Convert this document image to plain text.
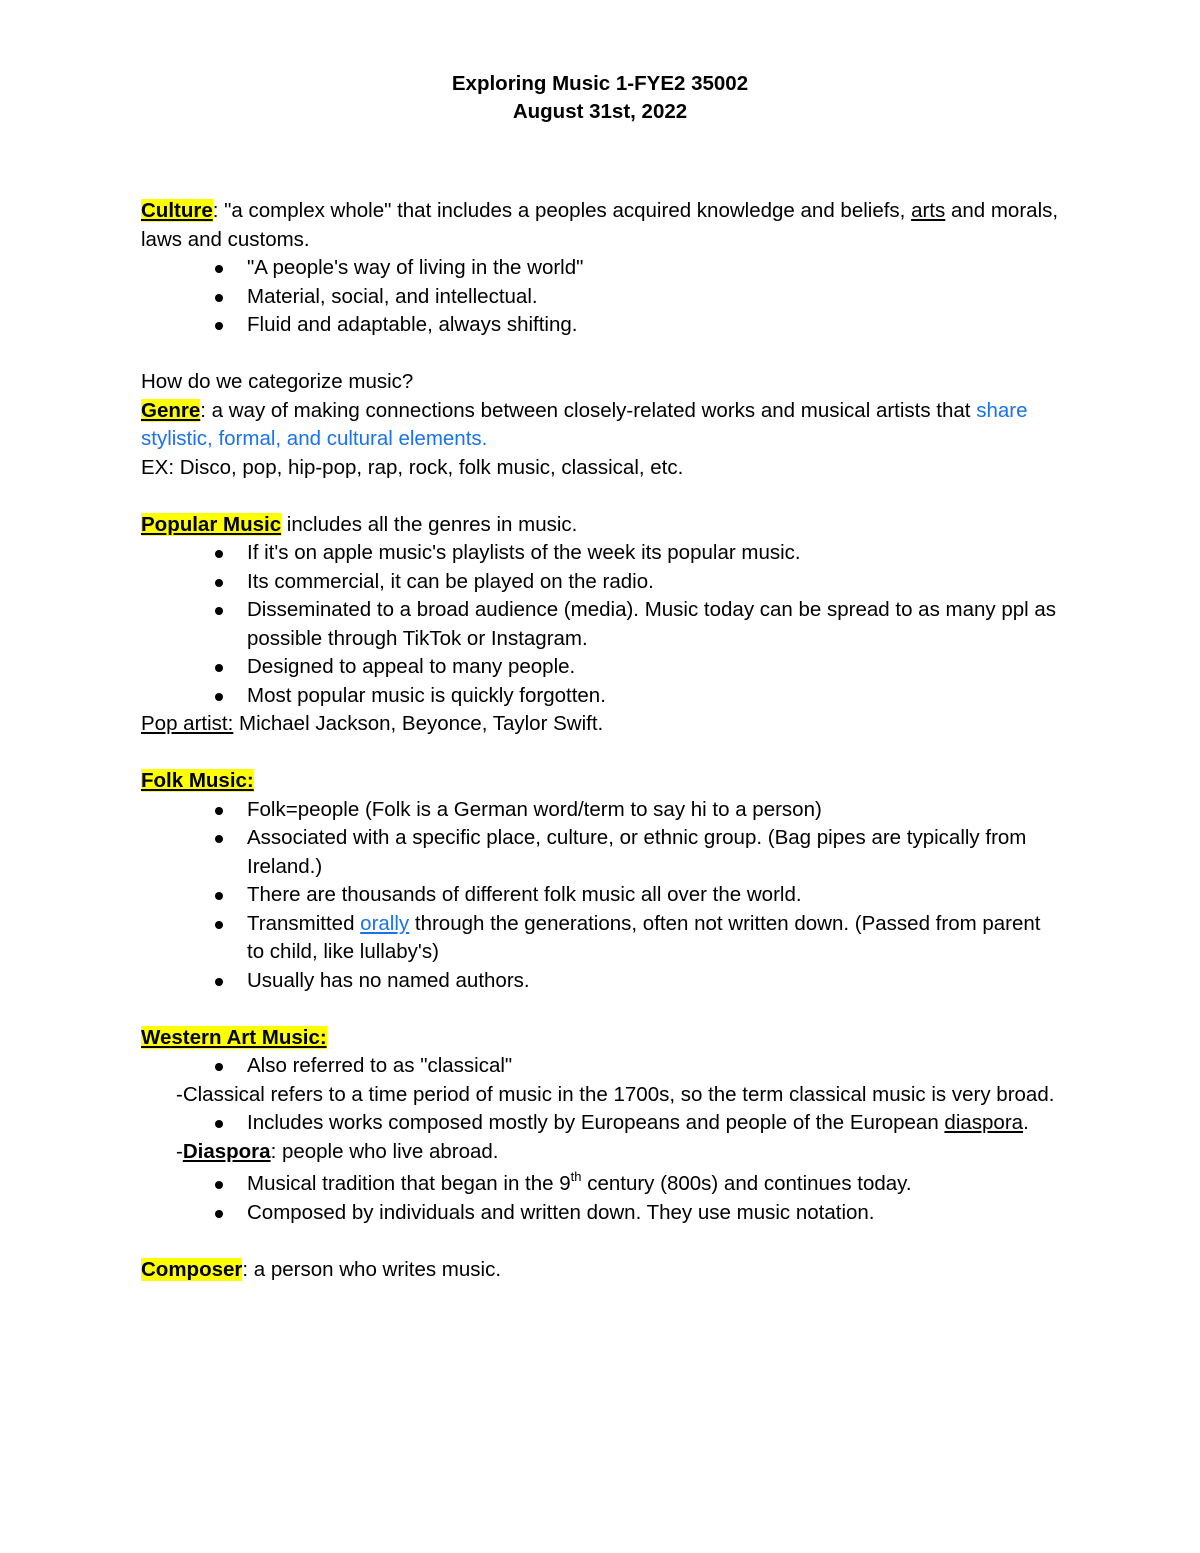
Exploring Music 1-FYE2 35002
August 31st, 2022

Culture: "a complex whole" that includes a peoples acquired knowledge and beliefs, arts and morals, laws and customs.

"A people's way of living in the world"
Material, social, and intellectual.
Fluid and adaptable, always shifting.

How do we categorize music?

Genre: a way of making connections between closely-related works and musical artists that share stylistic, formal, and cultural elements.

EX: Disco, pop, hip-pop, rap, rock, folk music, classical, etc.

Popular Music includes all the genres in music.

If it's on apple music's playlists of the week its popular music.
Its commercial, it can be played on the radio.
Disseminated to a broad audience (media). Music today can be spread to as many ppl as possible through TikTok or Instagram.
Designed to appeal to many people.
Most popular music is quickly forgotten.

Pop artist: Michael Jackson, Beyonce, Taylor Swift.

Folk Music:

Folk=people (Folk is a German word/term to say hi to a person)
Associated with a specific place, culture, or ethnic group. (Bag pipes are typically from Ireland.)
There are thousands of different folk music all over the world.
Transmitted orally through the generations, often not written down. (Passed from parent to child, like lullaby's)
Usually has no named authors.

Western Art Music:

Also referred to as "classical"

-Classical refers to a time period of music in the 1700s, so the term classical music is very broad.

Includes works composed mostly by Europeans and people of the European diaspora.

-Diaspora: people who live abroad.

Musical tradition that began in the 9th century (800s) and continues today.
Composed by individuals and written down. They use music notation.

Composer: a person who writes music.
